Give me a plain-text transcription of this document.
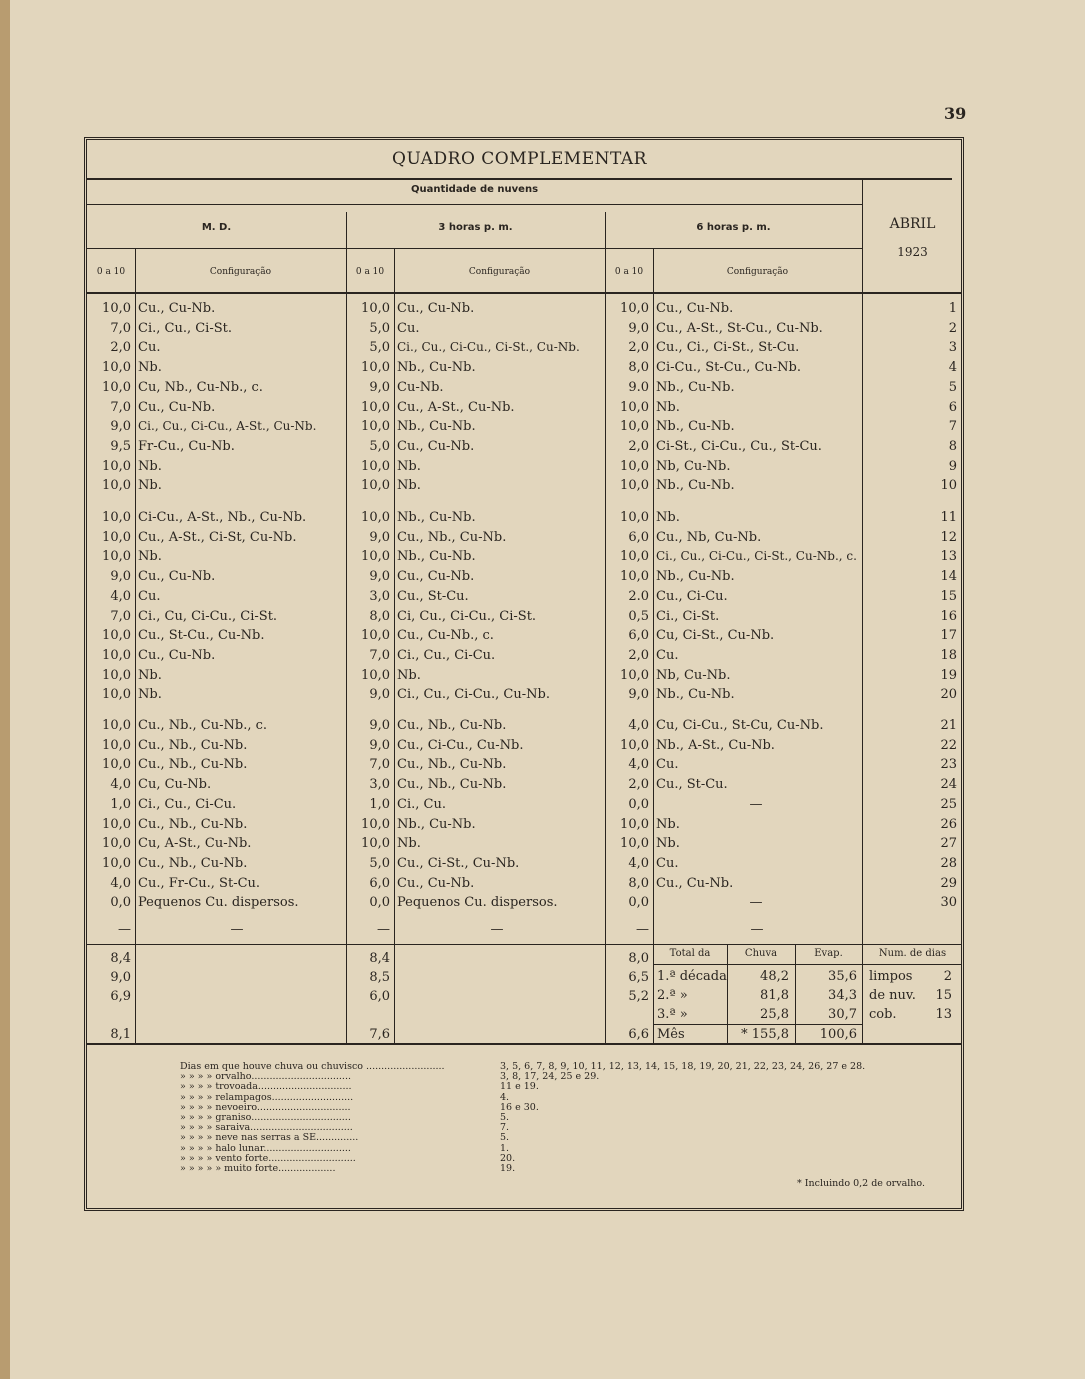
39
QUADRO COMPLEMENTAR
Quantidade de nuvens
M. D.	3 horas p. m.	6 horas p. m.	ABRIL
1923
0 a 10	Configuração	0 a 10	Configuração	0 a 10	Configuração
10,0 Cu., Cu-Nb.	10,0 Cu., Cu-Nb.	10,0 Cu., Cu-Nb.	1
7,0 Ci., Cu., Ci-St.	5,0 Cu.	9,0 Cu., A-St., St-Cu., Cu-Nb.	2
2,0 Cu.	5,0 Ci., Cu., Ci-Cu., Ci-St., Cu-Nb.	2,0 Cu., Ci., Ci-St., St-Cu.	3
10,0 Nb.	10,0 Nb., Cu-Nb.	8,0 Ci-Cu., St-Cu., Cu-Nb.	4
10,0 Cu, Nb., Cu-Nb., c.	9,0 Cu-Nb.	9.0 Nb., Cu-Nb.	5
7,0 Cu., Cu-Nb.	10,0 Cu., A-St., Cu-Nb.	10,0 Nb.	6
9,0 Ci., Cu., Ci-Cu., A-St., Cu-Nb.	10,0 Nb., Cu-Nb.	10,0 Nb., Cu-Nb.	7
9,5 Fr-Cu., Cu-Nb.	5,0 Cu., Cu-Nb.	2,0 Ci-St., Ci-Cu., Cu., St-Cu.	8
10,0 Nb.	10,0 Nb.	10,0 Nb, Cu-Nb.	9
10,0 Nb.	10,0 Nb.	10,0 Nb., Cu-Nb.	10
10,0 Ci-Cu., A-St., Nb., Cu-Nb.	10,0 Nb., Cu-Nb.	10,0 Nb.	11
10,0 Cu., A-St., Ci-St, Cu-Nb.	9,0 Cu., Nb., Cu-Nb.	6,0 Cu., Nb, Cu-Nb.	12
10,0 Nb.	10,0 Nb., Cu-Nb.	10,0 Ci., Cu., Ci-Cu., Ci-St., Cu-Nb., c.	13
9,0 Cu., Cu-Nb.	9,0 Cu., Cu-Nb.	10,0 Nb., Cu-Nb.	14
4,0 Cu.	3,0 Cu., St-Cu.	2.0 Cu., Ci-Cu.	15
7,0 Ci., Cu, Ci-Cu., Ci-St.	8,0 Ci, Cu., Ci-Cu., Ci-St.	0,5 Ci., Ci-St.	16
10,0 Cu., St-Cu., Cu-Nb.	10,0 Cu., Cu-Nb., c.	6,0 Cu, Ci-St., Cu-Nb.	17
10,0 Cu., Cu-Nb.	7,0 Ci., Cu., Ci-Cu.	2,0 Cu.	18
10,0 Nb.	10,0 Nb.	10,0 Nb, Cu-Nb.	19
10,0 Nb.	9,0 Ci., Cu., Ci-Cu., Cu-Nb.	9,0 Nb., Cu-Nb.	20
10,0 Cu., Nb., Cu-Nb., c.	9,0 Cu., Nb., Cu-Nb.	4,0 Cu, Ci-Cu., St-Cu, Cu-Nb.	21
10,0 Cu., Nb., Cu-Nb.	9,0 Cu., Ci-Cu., Cu-Nb.	10,0 Nb., A-St., Cu-Nb.	22
10,0 Cu., Nb., Cu-Nb.	7,0 Cu., Nb., Cu-Nb.	4,0 Cu.	23
4,0 Cu, Cu-Nb.	3,0 Cu., Nb., Cu-Nb.	2,0 Cu., St-Cu.	24
1,0 Ci., Cu., Ci-Cu.	1,0 Ci., Cu.	0,0	—	25
10,0 Cu., Nb., Cu-Nb.	10,0 Nb., Cu-Nb.	10,0 Nb.	26
10,0 Cu, A-St., Cu-Nb.	10,0 Nb.	10,0 Nb.	27
10,0 Cu., Nb., Cu-Nb.	5,0 Cu., Ci-St., Cu-Nb.	4,0 Cu.	28
4,0 Cu., Fr-Cu., St-Cu.	6,0 Cu., Cu-Nb.	8,0 Cu., Cu-Nb.	29
0,0 Pequenos Cu. dispersos.	0,0 Pequenos Cu. dispersos.	0,0	—	30
—	—	—	—	—	—
8,4	8,4	8,0
9,0	8,5	6,5
6,9	6,0	5,2
8,1	7,6	6,6
Total da	Chuva	Evap.	Num. de dias
1.ª década	48,2	35,6
2.ª »	81,8	34,3
3.ª »	25,8	30,7
Mês	* 155,8	100,6
limpos	2
de nuv.	15
cob.	13
Dias em que houve chuva ou chuvisco ..........................	3, 5, 6, 7, 8, 9, 10, 11, 12, 13, 14, 15, 18, 19, 20, 21, 22, 23, 24, 26, 27 e 28.
» » » » orvalho.................................	3, 8, 17, 24, 25 e 29.
» » » » trovoada...............................	11 e 19.
» » » » relampagos...........................	4.
» » » » nevoeiro...............................	16 e 30.
» » » » graniso.................................	5.
» » » » saraiva..................................	7.
» » » » neve nas serras a SE..............	5.
» » » » halo lunar.............................	1.
» » » » vento forte.............................	20.
» » » » » muito forte...................	19.
* Incluindo 0,2 de orvalho.
